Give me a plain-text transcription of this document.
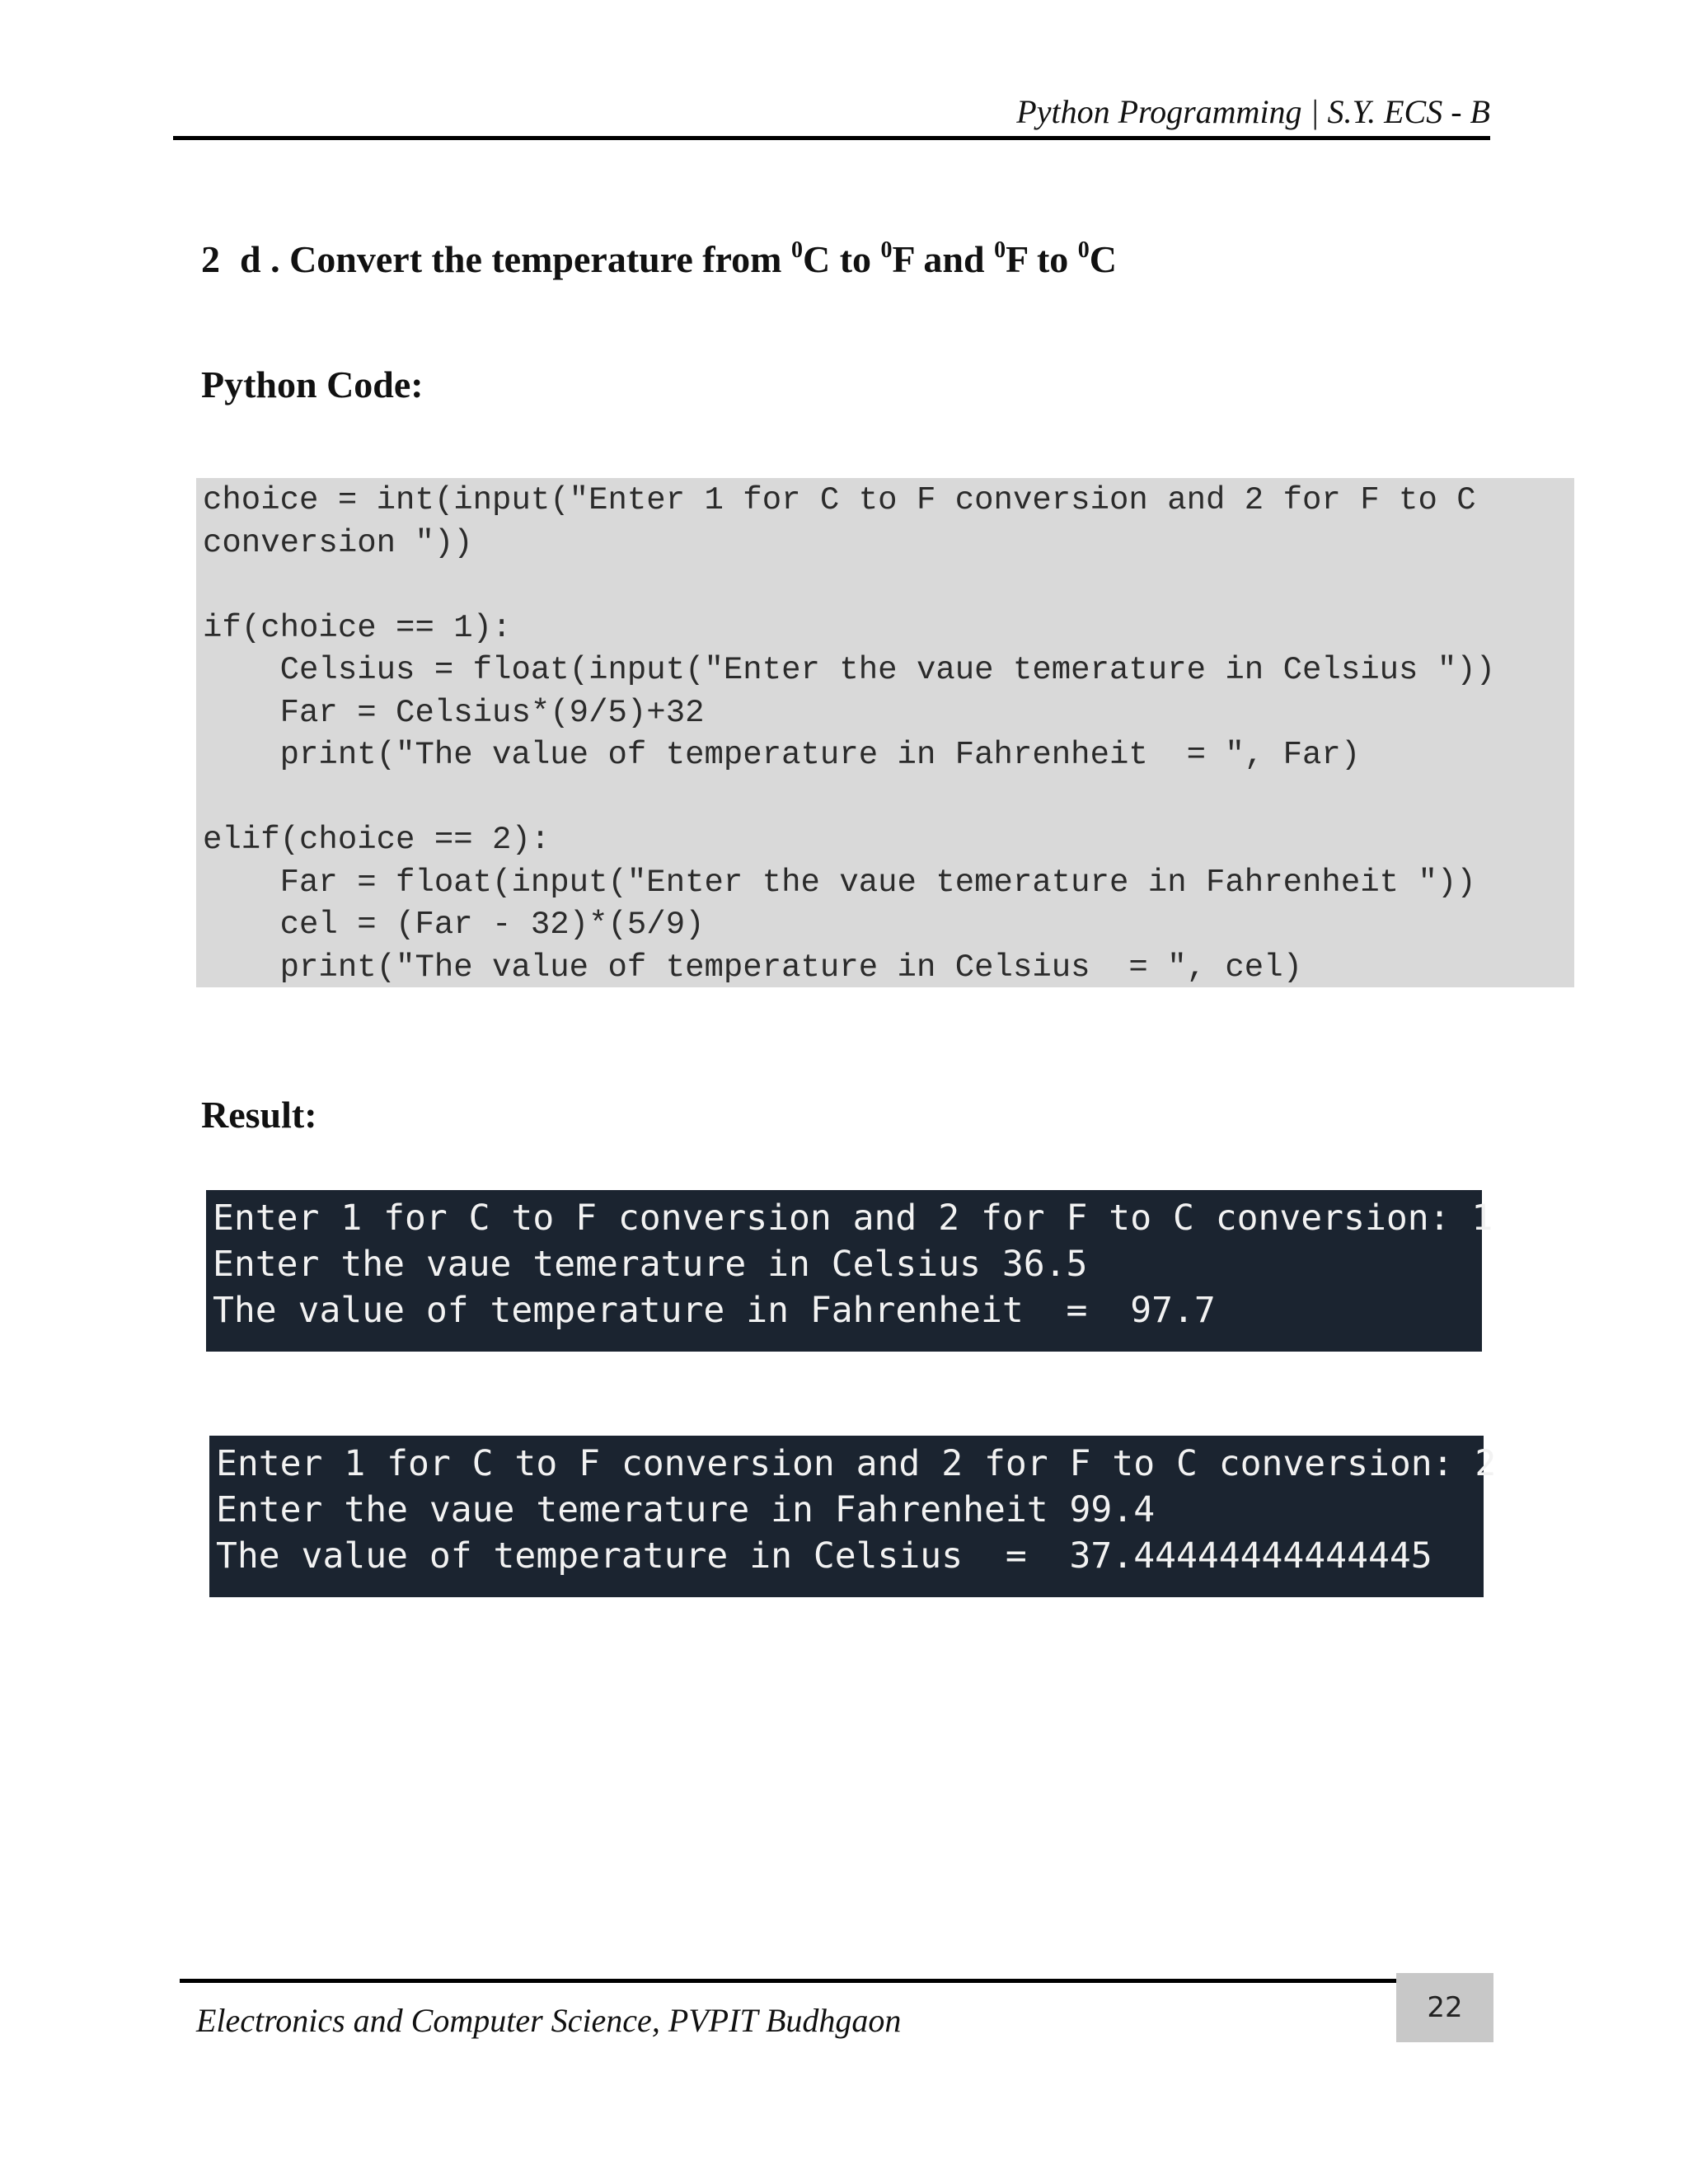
Python Programming | S.Y. ECS - B
2 d . Convert the temperature from $^0$C to $^0$F and $^0$F to $^0$C
Python Code:
choice = int(input("Enter 1 for C to F conversion and 2 for F to C
conversion "))
if(choice == 1):
Celsius = float(input("Enter the vaue temerature in Celsius "))
Far = Celsius*(9/5)+32
print("The value of temperature in Fahrenheit  = ", Far)
elif(choice == 2):
Far = float(input("Enter the vaue temerature in Fahrenheit "))
cel = (Far - 32)*(5/9)
print("The value of temperature in Celsius  = ", cel)
Result:
Enter 1 for C to F conversion and 2 for F to C conversion: 1
Enter the vaue temerature in Celsius 36.5
The value of temperature in Fahrenheit  =  97.7
Enter 1 for C to F conversion and 2 for F to C conversion: 2
Enter the vaue temerature in Fahrenheit 99.4
The value of temperature in Celsius  =  37.44444444444445
Electronics and Computer Science, PVPIT Budhgaon	22
